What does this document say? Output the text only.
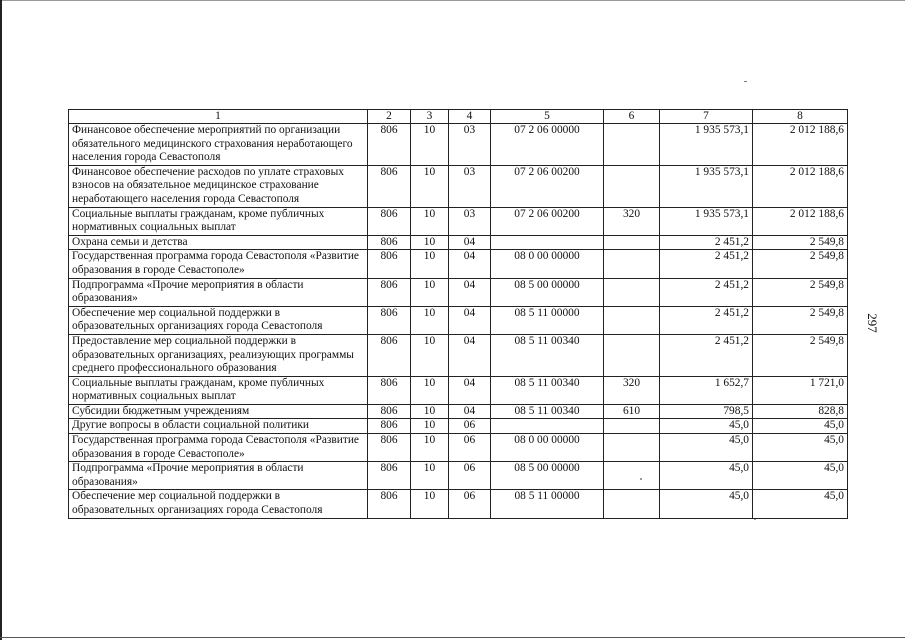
1	2	3	4	5	6	7	8
Финансовое обеспечение мероприятий по организации обязательного медицинского страхования неработающего населения города Севастополя	806	10	03	07 2 06 00000		1 935 573,1	2 012 188,6
Финансовое обеспечение расходов по уплате страховых взносов на обязательное медицинское страхование неработающего населения города Севастополя	806	10	03	07 2 06 00200		1 935 573,1	2 012 188,6
Социальные выплаты гражданам, кроме публичных нормативных социальных выплат	806	10	03	07 2 06 00200	320	1 935 573,1	2 012 188,6
Охрана семьи и детства	806	10	04			2 451,2	2 549,8
Государственная программа города Севастополя «Развитие образования в городе Севастополе»	806	10	04	08 0 00 00000		2 451,2	2 549,8
Подпрограмма «Прочие мероприятия в области образования»	806	10	04	08 5 00 00000		2 451,2	2 549,8
Обеспечение мер социальной поддержки в образовательных организациях города Севастополя	806	10	04	08 5 11 00000		2 451,2	2 549,8
Предоставление мер социальной поддержки в образовательных организациях, реализующих программы среднего профессионального образования	806	10	04	08 5 11 00340		2 451,2	2 549,8
Социальные выплаты гражданам, кроме публичных нормативных социальных выплат	806	10	04	08 5 11 00340	320	1 652,7	1 721,0
Субсидии бюджетным учреждениям	806	10	04	08 5 11 00340	610	798,5	828,8
Другие вопросы в области социальной политики	806	10	06			45,0	45,0
Государственная программа города Севастополя «Развитие образования в городе Севастополе»	806	10	06	08 0 00 00000		45,0	45,0
Подпрограмма «Прочие мероприятия в области образования»	806	10	06	08 5 00 00000		45,0	45,0
Обеспечение мер социальной поддержки в образовательных организациях города Севастополя	806	10	06	08 5 11 00000		45,0	45,0
297
